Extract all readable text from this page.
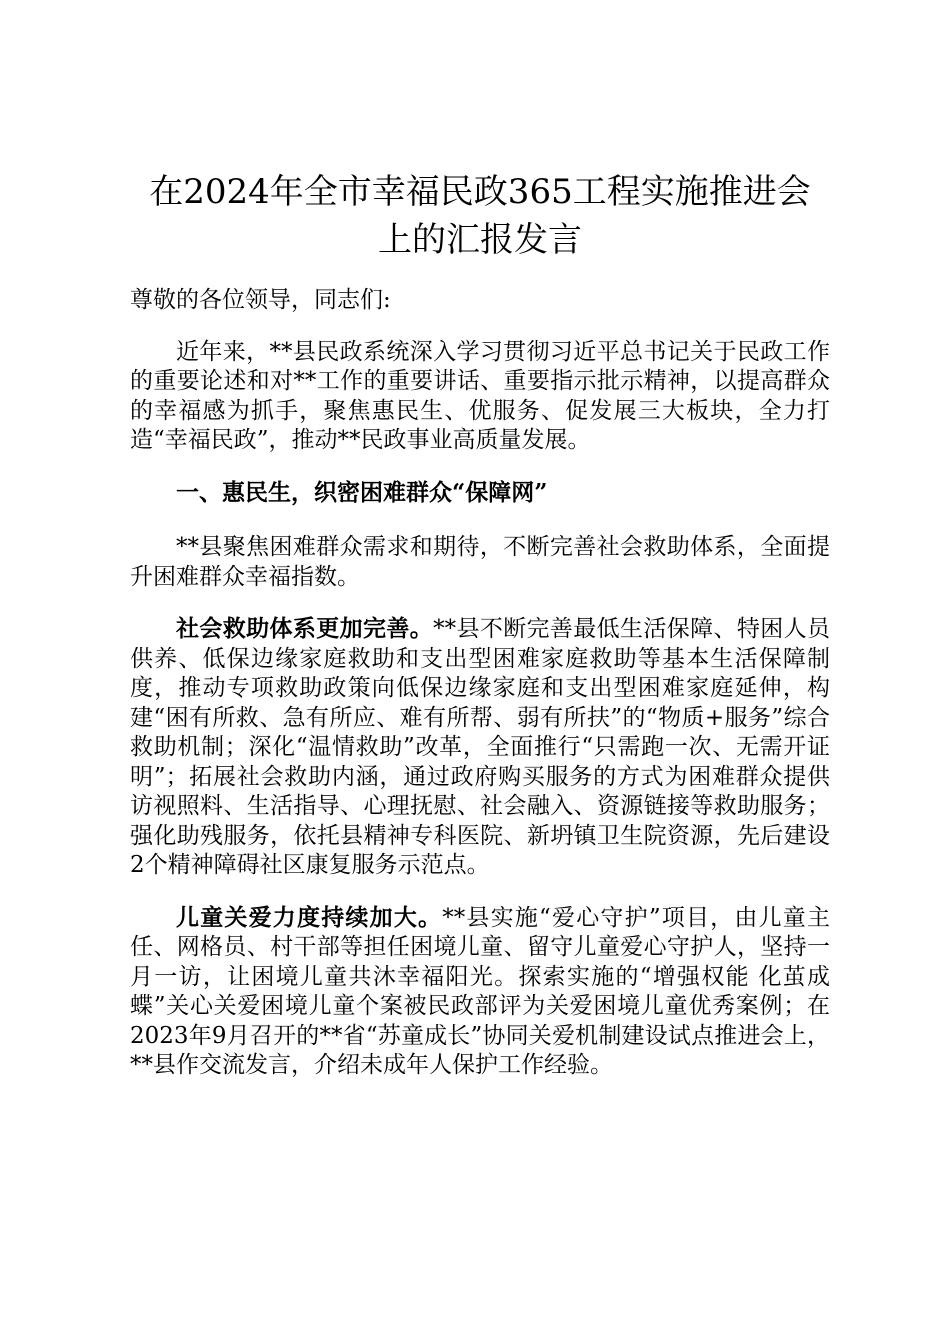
在2024年全市幸福民政365工程实施推进会
上的汇报发言

尊敬的各位领导，同志们:

近年来，**县民政系统深入学习贯彻习近平总书记关于民政工作的重要论述和对**工作的重要讲话、重要指示批示精神，以提高群众的幸福感为抓手，聚焦惠民生、优服务、促发展三大板块，全力打造“幸福民政”，推动**民政事业高质量发展。

一、惠民生，织密困难群众“保障网”

**县聚焦困难群众需求和期待，不断完善社会救助体系，全面提升困难群众幸福指数。

社会救助体系更加完善。**县不断完善最低生活保障、特困人员供养、低保边缘家庭救助和支出型困难家庭救助等基本生活保障制度，推动专项救助政策向低保边缘家庭和支出型困难家庭延伸，构建“困有所救、急有所应、难有所帮、弱有所扶”的“物质+服务”综合救助机制；深化“温情救助”改革，全面推行“只需跑一次、无需开证明”；拓展社会救助内涵，通过政府购买服务的方式为困难群众提供访视照料、生活指导、心理抚慰、社会融入、资源链接等救助服务；强化助残服务，依托县精神专科医院、新坍镇卫生院资源，先后建设2个精神障碍社区康复服务示范点。

儿童关爱力度持续加大。**县实施“爱心守护”项目，由儿童主任、网格员、村干部等担任困境儿童、留守儿童爱心守护人，坚持一月一访，让困境儿童共沐幸福阳光。探索实施的“增强权能 化茧成蝶”关心关爱困境儿童个案被民政部评为关爱困境儿童优秀案例；在2023年9月召开的**省“苏童成长”协同关爱机制建设试点推进会上，**县作交流发言，介绍未成年人保护工作经验。
